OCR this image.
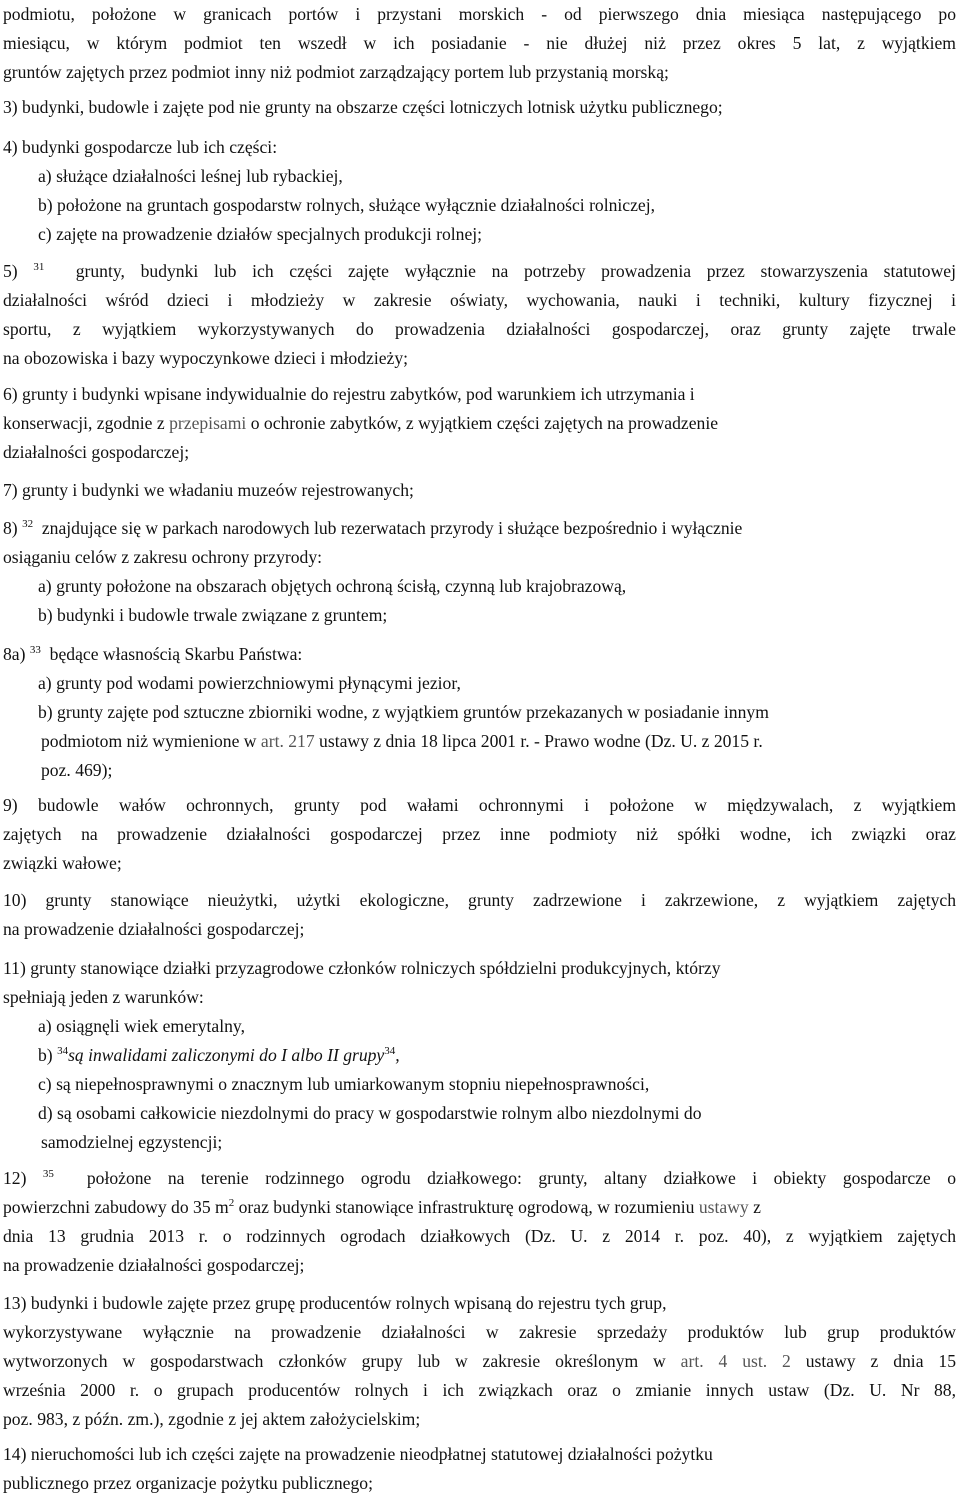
podmiotu, położone w granicach portów i przystani morskich - od pierwszego dnia miesiąca następującego po
miesiącu, w którym podmiot ten wszedł w ich posiadanie - nie dłużej niż przez okres 5 lat, z wyjątkiem
gruntów zajętych przez podmiot inny niż podmiot zarządzający portem lub przystanią morską;
3) budynki, budowle i zajęte pod nie grunty na obszarze części lotniczych lotnisk użytku publicznego;
4) budynki gospodarcze lub ich części:
a) służące działalności leśnej lub rybackiej,
b) położone na gruntach gospodarstw rolnych, służące wyłącznie działalności rolniczej,
c) zajęte na prowadzenie działów specjalnych produkcji rolnej;
5) $^{31}$ grunty, budynki lub ich części zajęte wyłącznie na potrzeby prowadzenia przez stowarzyszenia statutowej
działalności wśród dzieci i młodzieży w zakresie oświaty, wychowania, nauki i techniki, kultury fizycznej i
sportu, z wyjątkiem wykorzystywanych do prowadzenia działalności gospodarczej, oraz grunty zajęte trwale
na obozowiska i bazy wypoczynkowe dzieci i młodzieży;
6) grunty i budynki wpisane indywidualnie do rejestru zabytków, pod warunkiem ich utrzymania i
konserwacji, zgodnie z przepisami o ochronie zabytków, z wyjątkiem części zajętych na prowadzenie
działalności gospodarczej;
7) grunty i budynki we władaniu muzeów rejestrowanych;
8) $^{32}$ znajdujące się w parkach narodowych lub rezerwatach przyrody i służące bezpośrednio i wyłącznie
osiąganiu celów z zakresu ochrony przyrody:
a) grunty położone na obszarach objętych ochroną ścisłą, czynną lub krajobrazową,
b) budynki i budowle trwale związane z gruntem;
8a) $^{33}$ będące własnością Skarbu Państwa:
a) grunty pod wodami powierzchniowymi płynącymi jezior,
b) grunty zajęte pod sztuczne zbiorniki wodne, z wyjątkiem gruntów przekazanych w posiadanie innym
podmiotom niż wymienione w art. 217 ustawy z dnia 18 lipca 2001 r. - Prawo wodne (Dz. U. z 2015 r.
poz. 469);
9) budowle wałów ochronnych, grunty pod wałami ochronnymi i położone w międzywalach, z wyjątkiem
zajętych na prowadzenie działalności gospodarczej przez inne podmioty niż spółki wodne, ich związki oraz
związki wałowe;
10) grunty stanowiące nieużytki, użytki ekologiczne, grunty zadrzewione i zakrzewione, z wyjątkiem zajętych
na prowadzenie działalności gospodarczej;
11) grunty stanowiące działki przyzagrodowe członków rolniczych spółdzielni produkcyjnych, którzy
spełniają jeden z warunków:
a) osiągnęli wiek emerytalny,
b) $^{34}$są inwalidami zaliczonymi do I albo II grupy$^{34}$,
c) są niepełnosprawnymi o znacznym lub umiarkowanym stopniu niepełnosprawności,
d) są osobami całkowicie niezdolnymi do pracy w gospodarstwie rolnym albo niezdolnymi do
samodzielnej egzystencji;
12) $^{35}$ położone na terenie rodzinnego ogrodu działkowego: grunty, altany działkowe i obiekty gospodarcze o
powierzchni zabudowy do 35 $m^2$ oraz budynki stanowiące infrastrukturę ogrodową, w rozumieniu ustawy z
dnia 13 grudnia 2013 r. o rodzinnych ogrodach działkowych (Dz. U. z 2014 r. poz. 40), z wyjątkiem zajętych
na prowadzenie działalności gospodarczej;
13) budynki i budowle zajęte przez grupę producentów rolnych wpisaną do rejestru tych grup,
wykorzystywane wyłącznie na prowadzenie działalności w zakresie sprzedaży produktów lub grup produktów
wytworzonych w gospodarstwach członków grupy lub w zakresie określonym w art. 4 ust. 2 ustawy z dnia 15
września 2000 r. o grupach producentów rolnych i ich związkach oraz o zmianie innych ustaw (Dz. U. Nr 88,
poz. 983, z późn. zm.), zgodnie z jej aktem założycielskim;
14) nieruchomości lub ich części zajęte na prowadzenie nieodpłatnej statutowej działalności pożytku
publicznego przez organizacje pożytku publicznego;
